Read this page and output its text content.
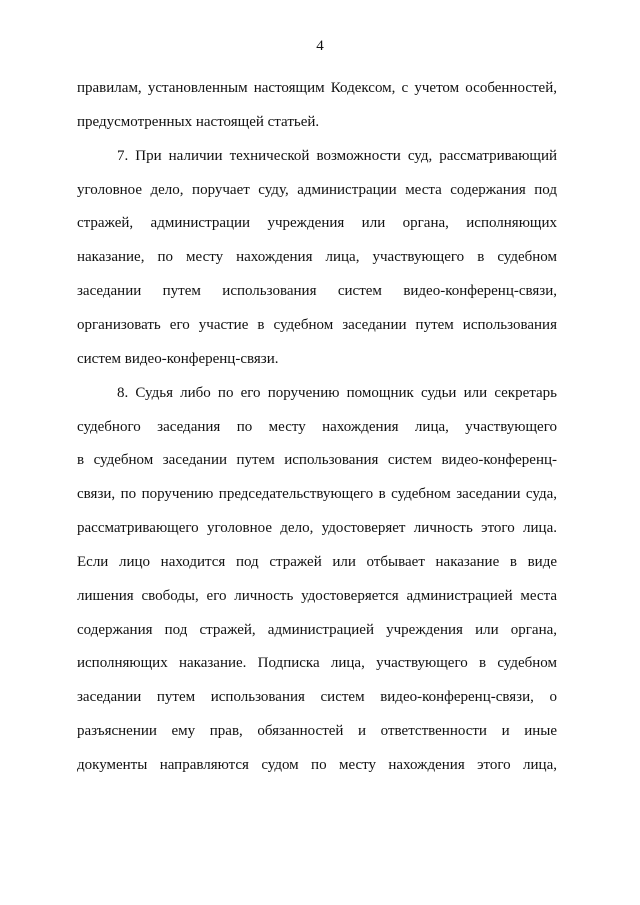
4
правилам, установленным настоящим Кодексом, с учетом особенностей,
предусмотренных настоящей статьей.
7. При наличии технической возможности суд, рассматривающий
уголовное дело, поручает суду, администрации места содержания под
стражей, администрации учреждения или органа, исполняющих
наказание, по месту нахождения лица, участвующего в судебном
заседании путем использования систем видео-конференц-связи,
организовать его участие в судебном заседании путем использования
систем видео-конференц-связи.
8. Судья либо по его поручению помощник судьи или секретарь
судебного заседания по месту нахождения лица, участвующего
в судебном заседании путем использования систем видео-конференц-
связи, по поручению председательствующего в судебном заседании суда,
рассматривающего уголовное дело, удостоверяет личность этого лица.
Если лицо находится под стражей или отбывает наказание в виде
лишения свободы, его личность удостоверяется администрацией места
содержания под стражей, администрацией учреждения или органа,
исполняющих наказание. Подписка лица, участвующего в судебном
заседании путем использования систем видео-конференц-связи, о
разъяснении ему прав, обязанностей и ответственности и иные
документы направляются судом по месту нахождения этого лица,
